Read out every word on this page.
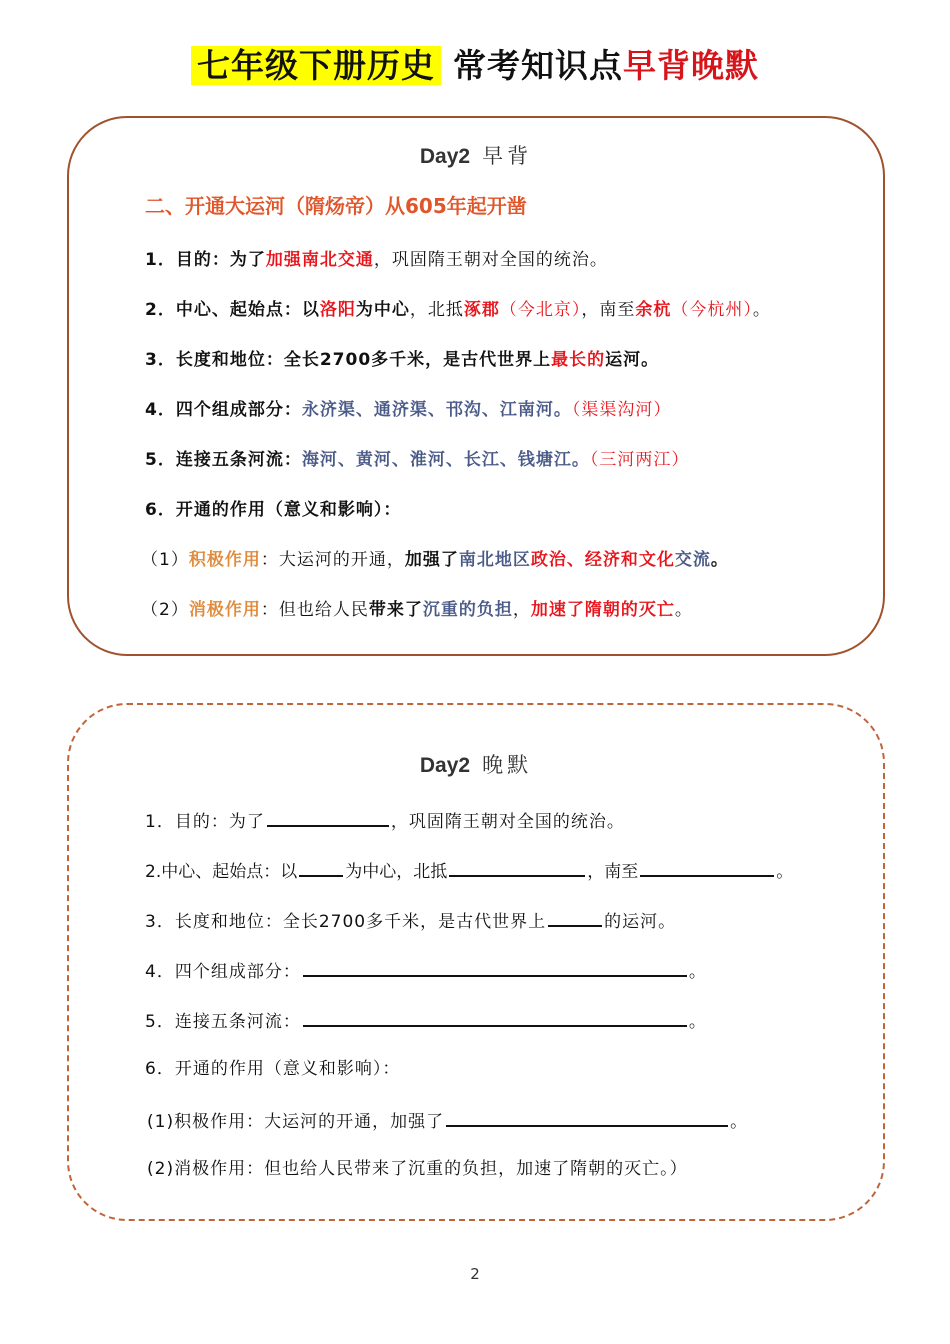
七年级下册历史 常考知识点早背晚默
Day2 早背
二、开通大运河（隋炀帝）从605年起开凿
1．目的：为了加强南北交通，巩固隋王朝对全国的统治。
2．中心、起始点：以洛阳为中心，北抵涿郡（今北京），南至余杭（今杭州）。
3．长度和地位：全长2700多千米，是古代世界上最长的运河。
4．四个组成部分：永济渠、通济渠、邗沟、江南河。（渠渠沟河）
5．连接五条河流：海河、黄河、淮河、长江、钱塘江。（三河两江）
6．开通的作用（意义和影响）：
（1）积极作用：大运河的开通，加强了南北地区政治、经济和文化交流。
（2）消极作用：但也给人民带来了沉重的负担，加速了隋朝的灭亡。
Day2 晚默
1．目的：为了	，巩固隋王朝对全国的统治。
2.中心、起始点：以	为中心，北抵	，南至	。
3．长度和地位：全长2700多千米，是古代世界上	的运河。
4．四个组成部分：	。
5．连接五条河流：	。
6．开通的作用（意义和影响）：
(1)积极作用：大运河的开通，加强了	。
(2)消极作用：但也给人民带来了沉重的负担，加速了隋朝的灭亡。）
2
